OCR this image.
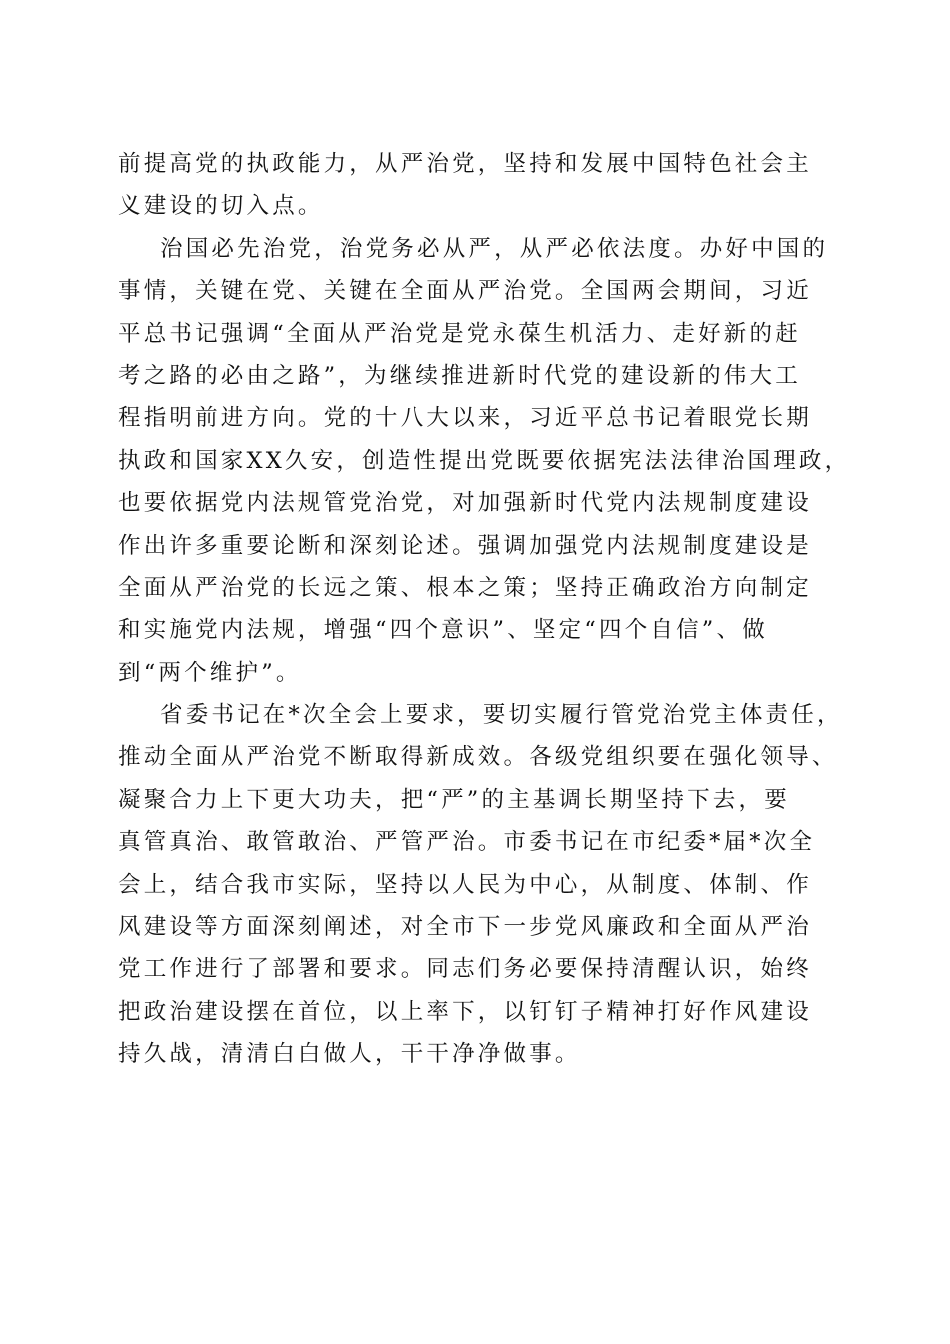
前提高党的执政能力，从严治党，坚持和发展中国特色社会主
义建设的切入点。
治国必先治党，治党务必从严，从严必依法度。办好中国的
事情，关键在党、关键在全面从严治党。全国两会期间，习近
平总书记强调“全面从严治党是党永葆生机活力、走好新的赶
考之路的必由之路”，为继续推进新时代党的建设新的伟大工
程指明前进方向。党的十八大以来，习近平总书记着眼党长期
执政和国家XX久安，创造性提出党既要依据宪法法律治国理政，
也要依据党内法规管党治党，对加强新时代党内法规制度建设
作出许多重要论断和深刻论述。强调加强党内法规制度建设是
全面从严治党的长远之策、根本之策；坚持正确政治方向制定
和实施党内法规，增强“四个意识”、坚定“四个自信”、做
到“两个维护”。
省委书记在*次全会上要求，要切实履行管党治党主体责任，
推动全面从严治党不断取得新成效。各级党组织要在强化领导、
凝聚合力上下更大功夫，把“严”的主基调长期坚持下去，要
真管真治、敢管敢治、严管严治。市委书记在市纪委*届*次全
会上，结合我市实际，坚持以人民为中心，从制度、体制、作
风建设等方面深刻阐述，对全市下一步党风廉政和全面从严治
党工作进行了部署和要求。同志们务必要保持清醒认识，始终
把政治建设摆在首位，以上率下，以钉钉子精神打好作风建设
持久战，清清白白做人，干干净净做事。
